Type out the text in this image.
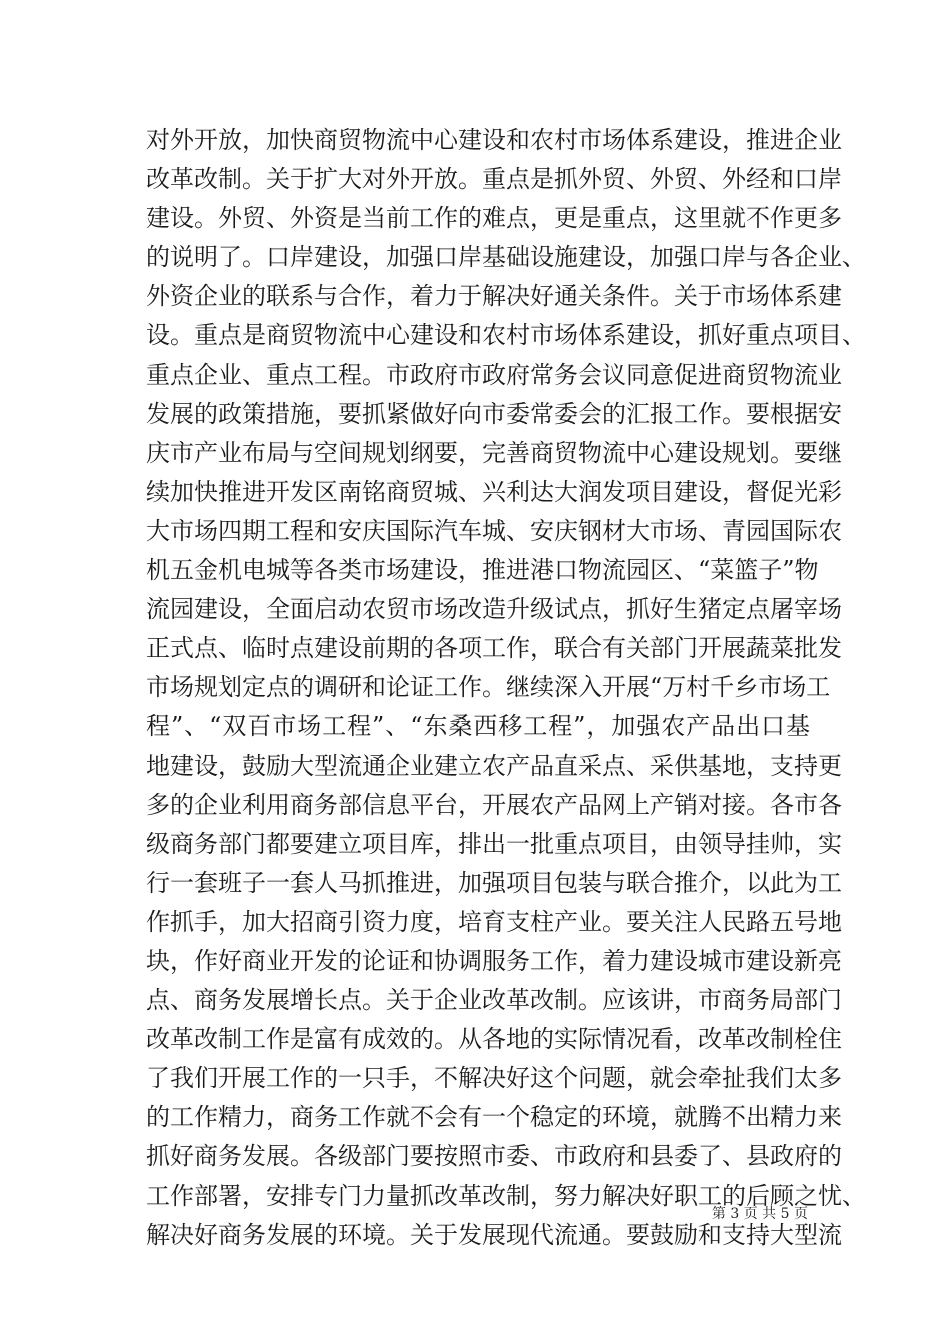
对外开放，加快商贸物流中心建设和农村市场体系建设，推进企业
改革改制。关于扩大对外开放。重点是抓外贸、外贸、外经和口岸
建设。外贸、外资是当前工作的难点，更是重点，这里就不作更多
的说明了。口岸建设，加强口岸基础设施建设，加强口岸与各企业、
外资企业的联系与合作，着力于解决好通关条件。关于市场体系建
设。重点是商贸物流中心建设和农村市场体系建设，抓好重点项目、
重点企业、重点工程。市政府市政府常务会议同意促进商贸物流业
发展的政策措施，要抓紧做好向市委常委会的汇报工作。要根据安
庆市产业布局与空间规划纲要，完善商贸物流中心建设规划。要继
续加快推进开发区南铭商贸城、兴利达大润发项目建设，督促光彩
大市场四期工程和安庆国际汽车城、安庆钢材大市场、青园国际农
机五金机电城等各类市场建设，推进港口物流园区、“菜篮子”物
流园建设，全面启动农贸市场改造升级试点，抓好生猪定点屠宰场
正式点、临时点建设前期的各项工作，联合有关部门开展蔬菜批发
市场规划定点的调研和论证工作。继续深入开展“万村千乡市场工
程”、“双百市场工程”、“东桑西移工程”，加强农产品出口基
地建设，鼓励大型流通企业建立农产品直采点、采供基地，支持更
多的企业利用商务部信息平台，开展农产品网上产销对接。各市各
级商务部门都要建立项目库，排出一批重点项目，由领导挂帅，实
行一套班子一套人马抓推进，加强项目包装与联合推介，以此为工
作抓手，加大招商引资力度，培育支柱产业。要关注人民路五号地
块，作好商业开发的论证和协调服务工作，着力建设城市建设新亮
点、商务发展增长点。关于企业改革改制。应该讲，市商务局部门
改革改制工作是富有成效的。从各地的实际情况看，改革改制栓住
了我们开展工作的一只手，不解决好这个问题，就会牵扯我们太多
的工作精力，商务工作就不会有一个稳定的环境，就腾不出精力来
抓好商务发展。各级部门要按照市委、市政府和县委了、县政府的
工作部署，安排专门力量抓改革改制，努力解决好职工的后顾之忧、
解决好商务发展的环境。关于发展现代流通。要鼓励和支持大型流
第 3 页 共 5 页
